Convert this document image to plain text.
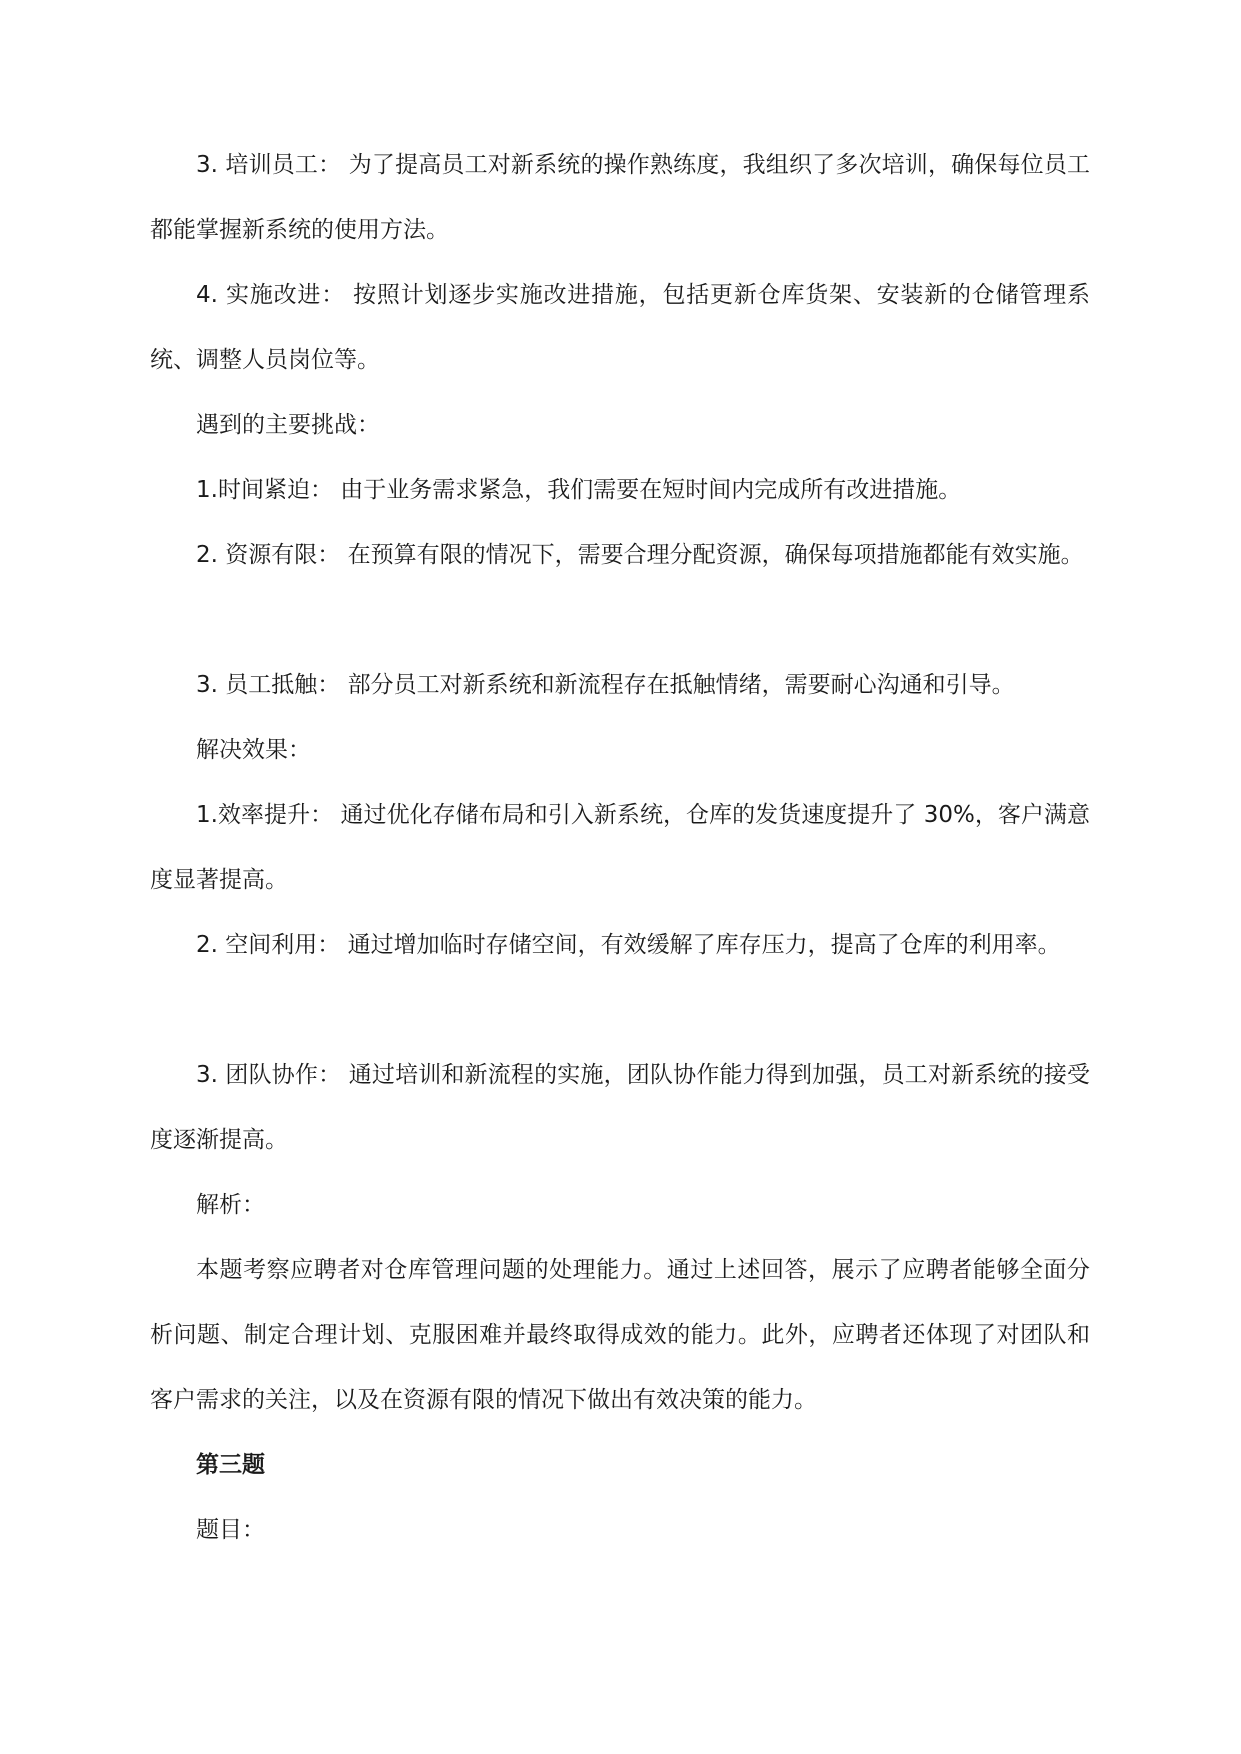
3. 培训员工： 为了提高员工对新系统的操作熟练度，我组织了多次培训，确保每位员工都能掌握新系统的使用方法。

4. 实施改进： 按照计划逐步实施改进措施，包括更新仓库货架、安装新的仓储管理系统、调整人员岗位等。

遇到的主要挑战：

1.时间紧迫： 由于业务需求紧急，我们需要在短时间内完成所有改进措施。

2. 资源有限： 在预算有限的情况下，需要合理分配资源，确保每项措施都能有效实施。

3. 员工抵触： 部分员工对新系统和新流程存在抵触情绪，需要耐心沟通和引导。

解决效果：

1.效率提升： 通过优化存储布局和引入新系统，仓库的发货速度提升了 30%，客户满意度显著提高。

2. 空间利用： 通过增加临时存储空间，有效缓解了库存压力，提高了仓库的利用率。

3. 团队协作： 通过培训和新流程的实施，团队协作能力得到加强，员工对新系统的接受度逐渐提高。

解析：

本题考察应聘者对仓库管理问题的处理能力。通过上述回答，展示了应聘者能够全面分析问题、制定合理计划、克服困难并最终取得成效的能力。此外，应聘者还体现了对团队和客户需求的关注，以及在资源有限的情况下做出有效决策的能力。

第三题

题目：
